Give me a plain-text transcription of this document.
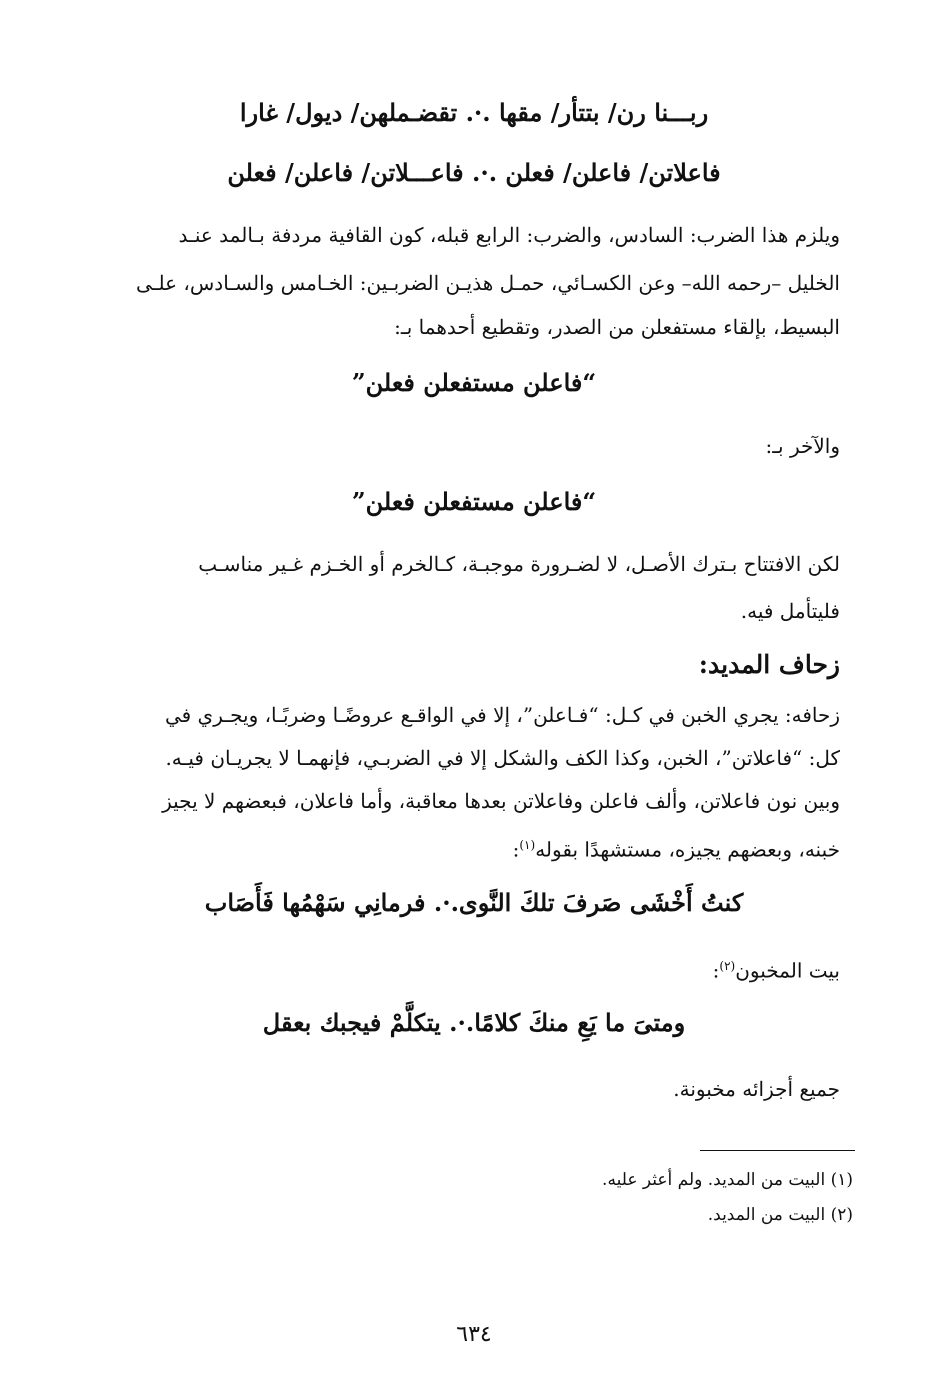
ربـــنا رن/ بتتأر/ مقها .·. تقضـملهن/ ديول/ غارا
فاعلاتن/ فاعلن/ فعلن .·. فاعـــلاتن/ فاعلن/ فعلن
ويلزم هذا الضرب: السادس، والضرب: الرابع قبله، كون القافية مردفة بـالمد عنـد
الخليل –رحمه الله– وعن الكسـائي، حمـل هذيـن الضربـين: الخـامس والسـادس، علـى
البسيط، بإلقاء مستفعلن من الصدر، وتقطيع أحدهما بـ:
“فاعلن مستفعلن فعلن”
والآخر بـ:
“فاعلن مستفعلن فعلن”
لكن الافتتاح بـترك الأصـل، لا لضـرورة موجبـة، كـالخرم أو الخـزم غـير مناسـب
فليتأمل فيه.
زحاف المديد:
زحافه: يجري الخبن في كـل: “فـاعلن”، إلا في الواقـع عروضًـا وضربًـا، ويجـري في
كل: “فاعلاتن”، الخبن، وكذا الكف والشكل إلا في الضربـي، فإنهمـا لا يجريـان فيـه.
وبين نون فاعلاتن، وألف فاعلن وفاعلاتن بعدها معاقبة، وأما فاعلان، فبعضهم لا يجيز
خبنه، وبعضهم يجيزه، مستشهدًا بقوله$^{(١)}$:
كنتُ أَخْشَى صَرفَ تلكَ النَّوى.·. فرمانِي سَهْمُها فَأَصَاب
بيت المخبون$^{(٢)}$:
ومتىَ ما يَعِ منكَ كلامًا.·. يتكلَّمْ فيجبك بعقل
جميع أجزائه مخبونة.
(١) البيت من المديد. ولم أعثر عليه.
(٢) البيت من المديد.
٦٣٤
